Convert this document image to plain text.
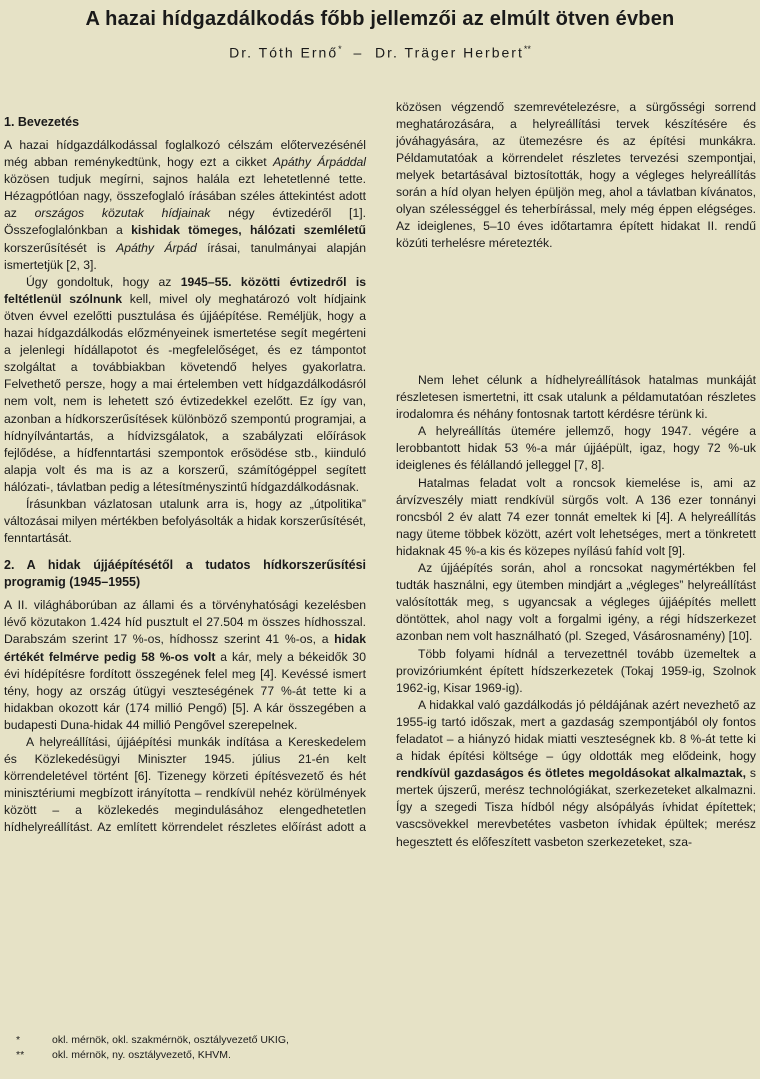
A hazai hídgazdálkodás főbb jellemzői az elmúlt ötven évben
Dr. Tóth Ernő* – Dr. Träger Herbert**
1. Bevezetés

A hazai hídgazdálkodással foglalkozó célszám előtervezésénél még abban reménykedtünk, hogy ezt a cikket Apáthy Árpáddal közösen tudjuk megírni, sajnos halála ezt lehetetlenné tette. Hézagpótlóan nagy, összefoglaló írásában széles áttekintést adott az országos közutak hídjainak négy évtizedéről [1]. Összefoglalónkban a kishidak tömeges, hálózati szemléletű korszerűsítését is Apáthy Árpád írásai, tanulmányai alapján ismertetjük [2, 3].

Úgy gondoltuk, hogy az 1945–55. közötti évtizedről is feltétlenül szólnunk kell, mivel oly meghatározó volt hídjaink ötven évvel ezelőtti pusztulása és újjáépítése. Reméljük, hogy a hazai hídgazdálkodás előzményeinek ismertetése segít megérteni a jelenlegi hídállapotot és -megfelelőséget, és ez támpontot szolgáltat a továbbiakban követendő helyes gyakorlatra. Felvethető persze, hogy a mai értelemben vett hídgazdálkodásról nem volt, nem is lehetett szó évtizedekkel ezelőtt. Ez így van, azonban a hídkorszerűsítések különböző szempontú programjai, a hídnyílvántartás, a hídvizsgálatok, a szabályzati előírások fejlődése, a hídfenntartási szempontok erősödése stb., kiinduló alapja volt és ma is az a korszerű, számítógéppel segített hálózati-, távlatban pedig a létesítményszintű hídgazdálkodásnak.

Írásunkban vázlatosan utalunk arra is, hogy az „útpolitika” változásai milyen mértékben befolyásolták a hidak korszerűsítését, fenntartását.

2. A hidak újjáépítésétől a tudatos hídkorszerűsítési programig (1945–1955)

A II. világháborúban az állami és a törvényhatósági kezelésben lévő közutakon 1.424 híd pusztult el 27.504 m összes hídhosszal. Darabszám szerint 17 %-os, hídhossz szerint 41 %-os, a hidak értékét felmérve pedig 58 %-os volt a kár, mely a békeidők 30 évi hídépítésre fordított összegének felel meg [4]. Kevéssé ismert tény, hogy az ország útügyi veszteségének 77 %-át tette ki a hidakban okozott kár (174 millió Pengő) [5]. A kár összegében a budapesti Duna-hidak 44 millió Pengővel szerepelnek.

A helyreállítási, újjáépítési munkák indítása a Kereskedelem és Közlekedésügyi Miniszter 1945. július 21-én kelt körrendeletével történt [6]. Tizenegy körzeti építésvezető és hét minisztériumi megbízott irányította – rendkívül nehéz körülmények között – a közlekedés megindulásához elengedhetetlen hídhelyreállítást. Az említett körrendelet részletes előírást adott a

közösen végzendő szemrevételezésre, a sürgősségi sorrend meghatározására, a helyreállítási tervek készítésére és jóváhagyására, az ütemezésre és az építési munkákra. Példamutatóak a körrendelet részletes tervezési szempontjai, melyek betartásával biztosították, hogy a végleges helyreállítás során a híd olyan helyen épüljön meg, ahol a távlatban kívánatos, olyan szélességgel és teherbírással, mely még éppen elégséges. Az ideiglenes, 5–10 éves időtartamra épített hidakat II. rendű közúti terhelésre méretezték.

Nem lehet célunk a hídhelyreállítások hatalmas munkáját részletesen ismertetni, itt csak utalunk a példamutatóan részletes irodalomra és néhány fontosnak tartott kérdésre térünk ki.

A helyreállítás ütemére jellemző, hogy 1947. végére a lerobbantott hidak 53 %-a már újjáépült, igaz, hogy 72 %-uk ideiglenes és félállandó jelleggel [7, 8].

Hatalmas feladat volt a roncsok kiemelése is, ami az árvízveszély miatt rendkívül sürgős volt. A 136 ezer tonnányi roncsból 2 év alatt 74 ezer tonnát emeltek ki [4]. A helyreállítás nagy üteme többek között, azért volt lehetséges, mert a tönkretett hidaknak 45 %-a kis és közepes nyílású fahíd volt [9].

Az újjáépítés során, ahol a roncsokat nagymértékben fel tudták használni, egy ütemben mindjárt a „végleges” helyreállítást valósították meg, s ugyancsak a végleges újjáépítés mellett döntöttek, ahol nagy volt a forgalmi igény, a régi hídszerkezet azonban nem volt használható (pl. Szeged, Vásárosnamény) [10].

Több folyami hídnál a tervezettnél tovább üzemeltek a provizóriumként épített hídszerkezetek (Tokaj 1959-ig, Szolnok 1962-ig, Kisar 1969-ig).

A hidakkal való gazdálkodás jó példájának azért nevezhető az 1955-ig tartó időszak, mert a gazdaság szempontjából oly fontos feladatot – a hiányzó hidak miatti veszteségnek kb. 8 %-át tette ki a hidak építési költsége – úgy oldották meg elődeink, hogy rendkívül gazdaságos és ötletes megoldásokat alkalmaztak, s mertek újszerű, merész technológiákat, szerkezeteket alkalmazni. Így a szegedi Tisza hídból négy alsópályás ívhidat építettek; vascsövekkel merevbetétes vasbeton ívhidak épültek; merész hegesztett és előfeszített vasbeton szerkezeteket, sza-

*	okl. mérnök, okl. szakmérnök, osztályvezető UKIG,
**	okl. mérnök, ny. osztályvezető, KHVM.
